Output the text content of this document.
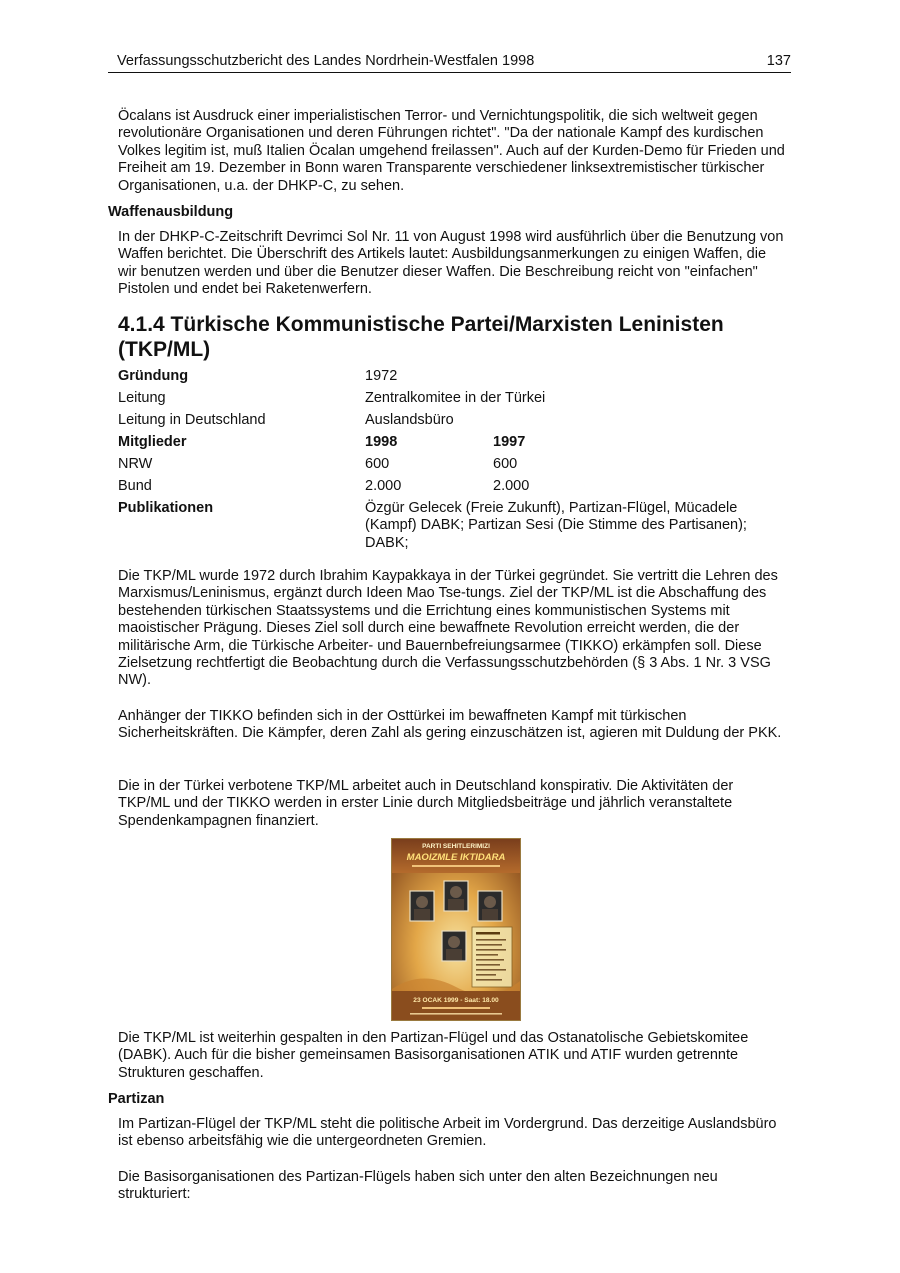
Verfassungsschutzbericht des Landes Nordrhein-Westfalen 1998	137

Öcalans ist Ausdruck einer imperialistischen Terror- und Vernichtungspolitik, die sich weltweit gegen revolutionäre Organisationen und deren Führungen richtet". "Da der nationale Kampf des kurdischen Volkes legitim ist, muß Italien Öcalan umgehend freilassen". Auch auf der Kurden-Demo für Frieden und Freiheit am 19. Dezember in Bonn waren Transparente verschiedener linksextremistischer türkischer Organisationen, u.a. der DHKP-C, zu sehen.

Waffenausbildung

In der DHKP-C-Zeitschrift Devrimci Sol Nr. 11 von August 1998 wird ausführlich über die Benutzung von Waffen berichtet. Die Überschrift des Artikels lautet: Ausbildungsanmerkungen zu einigen Waffen, die wir benutzen werden und über die Benutzer dieser Waffen. Die Beschreibung reicht von "einfachen" Pistolen und endet bei Raketenwerfern.

4.1.4 Türkische Kommunistische Partei/Marxisten Leninisten (TKP/ML)
Gründung	1972
Leitung	Zentralkomitee in der Türkei
Leitung in Deutschland	Auslandsbüro
Mitglieder	1998	1997
NRW	600	600
Bund	2.000	2.000
Publikationen	Özgür Gelecek (Freie Zukunft), Partizan-Flügel, Mücadele (Kampf) DABK; Partizan Sesi (Die Stimme des Partisanen); DABK;

Die TKP/ML wurde 1972 durch Ibrahim Kaypakkaya in der Türkei gegründet. Sie vertritt die Lehren des Marxismus/Leninismus, ergänzt durch Ideen Mao Tse-tungs. Ziel der TKP/ML ist die Abschaffung des bestehenden türkischen Staatssystems und die Errichtung eines kommunistischen Systems mit maoistischer Prägung. Dieses Ziel soll durch eine bewaffnete Revolution erreicht werden, die der militärische Arm, die Türkische Arbeiter- und Bauernbefreiungsarmee (TIKKO) erkämpfen soll. Diese Zielsetzung rechtfertigt die Beobachtung durch die Verfassungsschutzbehörden (§ 3 Abs. 1 Nr. 3 VSG NW).

Anhänger der TIKKO befinden sich in der Osttürkei im bewaffneten Kampf mit türkischen Sicherheitskräften. Die Kämpfer, deren Zahl als gering einzuschätzen ist, agieren mit Duldung der PKK.

Die in der Türkei verbotene TKP/ML arbeitet auch in Deutschland konspirativ. Die Aktivitäten der TKP/ML und der TIKKO werden in erster Linie durch Mitgliedsbeiträge und jährlich veranstaltete Spendenkampagnen finanziert.

PARTI SEHITLERIMIZI
MAOIZMLE IKTIDARA
23 OCAK 1999 - Saat: 18.00

Die TKP/ML ist weiterhin gespalten in den Partizan-Flügel und das Ostanatolische Gebietskomitee (DABK). Auch für die bisher gemeinsamen Basisorganisationen ATIK und ATIF wurden getrennte Strukturen geschaffen.

Partizan

Im Partizan-Flügel der TKP/ML steht die politische Arbeit im Vordergrund. Das derzeitige Auslandsbüro ist ebenso arbeitsfähig wie die untergeordneten Gremien.

Die Basisorganisationen des Partizan-Flügels haben sich unter den alten Bezeichnungen neu strukturiert:
